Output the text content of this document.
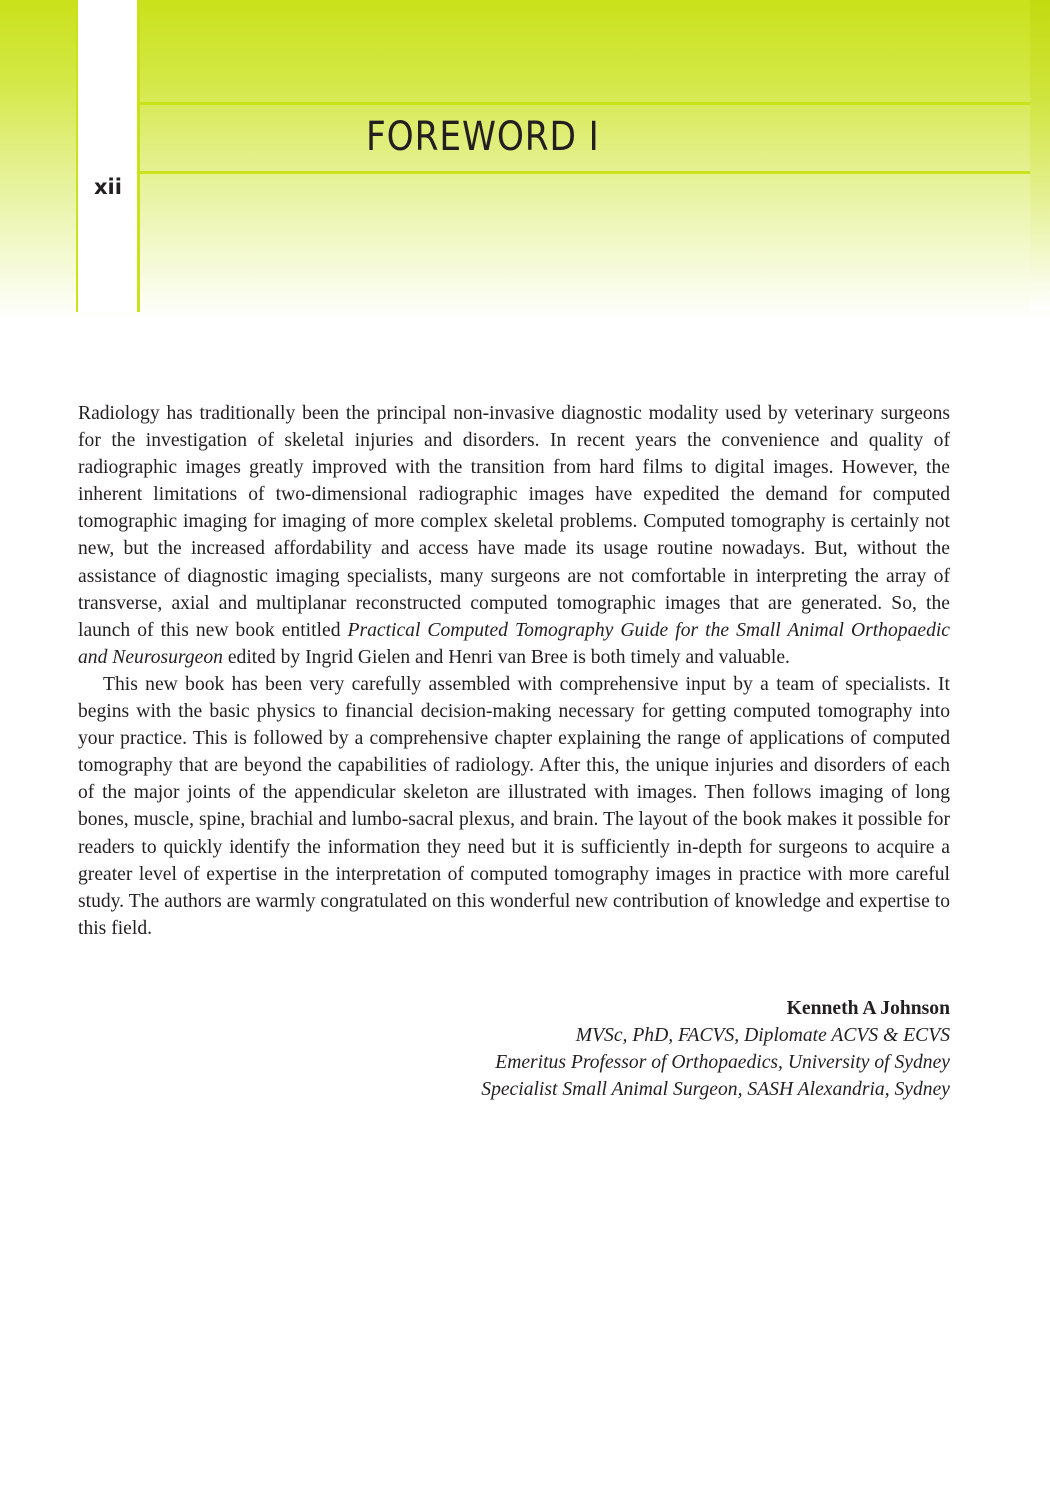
FOREWORD I
xii

Radiology has traditionally been the principal non-invasive diagnostic modality used by veterinary surgeons for the investigation of skeletal injuries and disorders. In recent years the convenience and quality of radiographic images greatly improved with the transition from hard films to digital images. However, the inherent limitations of two-dimensional radiographic images have expedited the demand for computed tomographic imaging for imaging of more complex skeletal problems. Computed tomography is certainly not new, but the increased affordability and access have made its usage routine nowadays. But, without the assistance of diagnostic imaging specialists, many surgeons are not comfortable in interpreting the array of transverse, axial and multiplanar reconstructed computed tomographic images that are generated. So, the launch of this new book entitled Practical Computed Tomography Guide for the Small Animal Orthopaedic and Neurosurgeon edited by Ingrid Gielen and Henri van Bree is both timely and valuable.

This new book has been very carefully assembled with comprehensive input by a team of specialists. It begins with the basic physics to financial decision-making necessary for getting computed tomography into your practice. This is followed by a comprehensive chapter explaining the range of applications of computed tomography that are beyond the capabilities of radiology. After this, the unique injuries and disorders of each of the major joints of the appendicular skeleton are illustrated with images. Then follows imaging of long bones, muscle, spine, brachial and lumbo-sacral plexus, and brain. The layout of the book makes it possible for readers to quickly identify the information they need but it is sufficiently in-depth for surgeons to acquire a greater level of expertise in the interpretation of computed tomography images in practice with more careful study. The authors are warmly congratulated on this wonderful new contribution of knowledge and expertise to this field.

Kenneth A Johnson
MVSc, PhD, FACVS, Diplomate ACVS & ECVS
Emeritus Professor of Orthopaedics, University of Sydney
Specialist Small Animal Surgeon, SASH Alexandria, Sydney
